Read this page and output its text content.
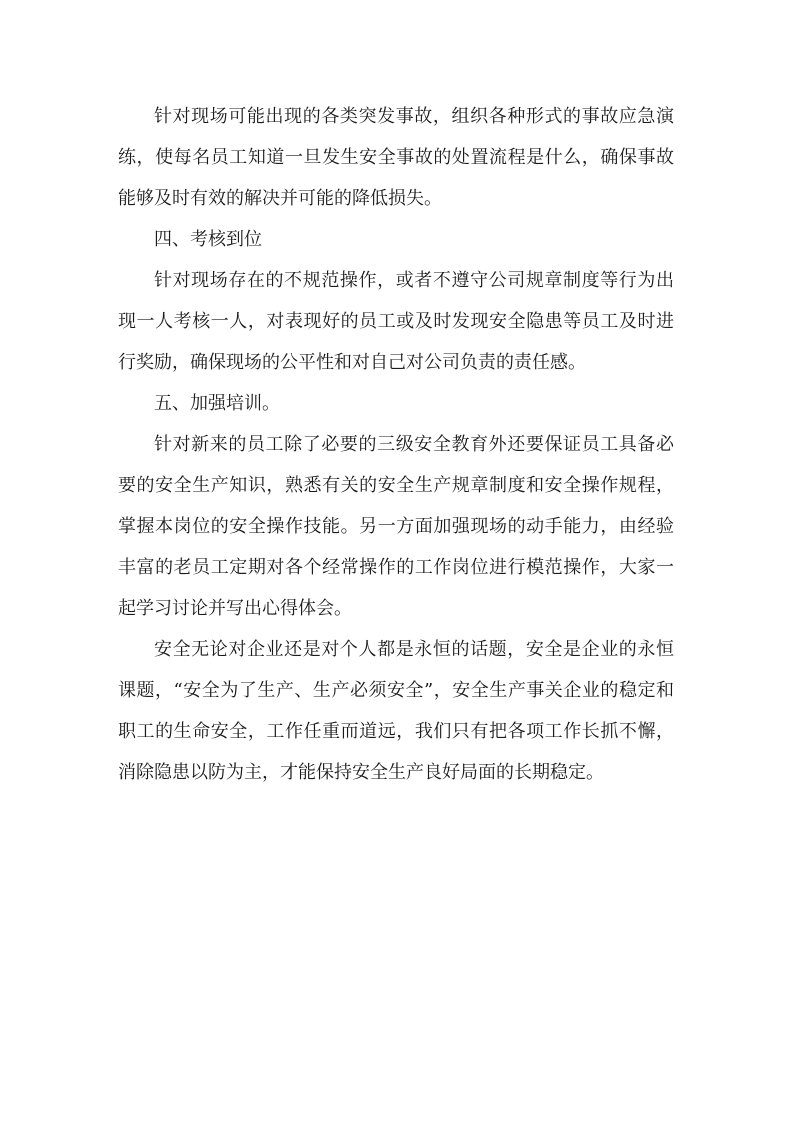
针对现场可能出现的各类突发事故，组织各种形式的事故应急演练，使每名员工知道一旦发生安全事故的处置流程是什么，确保事故能够及时有效的解决并可能的降低损失。

四、考核到位

针对现场存在的不规范操作，或者不遵守公司规章制度等行为出现一人考核一人，对表现好的员工或及时发现安全隐患等员工及时进行奖励，确保现场的公平性和对自己对公司负责的责任感。

五、加强培训。

针对新来的员工除了必要的三级安全教育外还要保证员工具备必要的安全生产知识，熟悉有关的安全生产规章制度和安全操作规程，掌握本岗位的安全操作技能。另一方面加强现场的动手能力，由经验丰富的老员工定期对各个经常操作的工作岗位进行模范操作，大家一起学习讨论并写出心得体会。

安全无论对企业还是对个人都是永恒的话题，安全是企业的永恒课题，“安全为了生产、生产必须安全”，安全生产事关企业的稳定和职工的生命安全，工作任重而道远，我们只有把各项工作长抓不懈，消除隐患以防为主，才能保持安全生产良好局面的长期稳定。
